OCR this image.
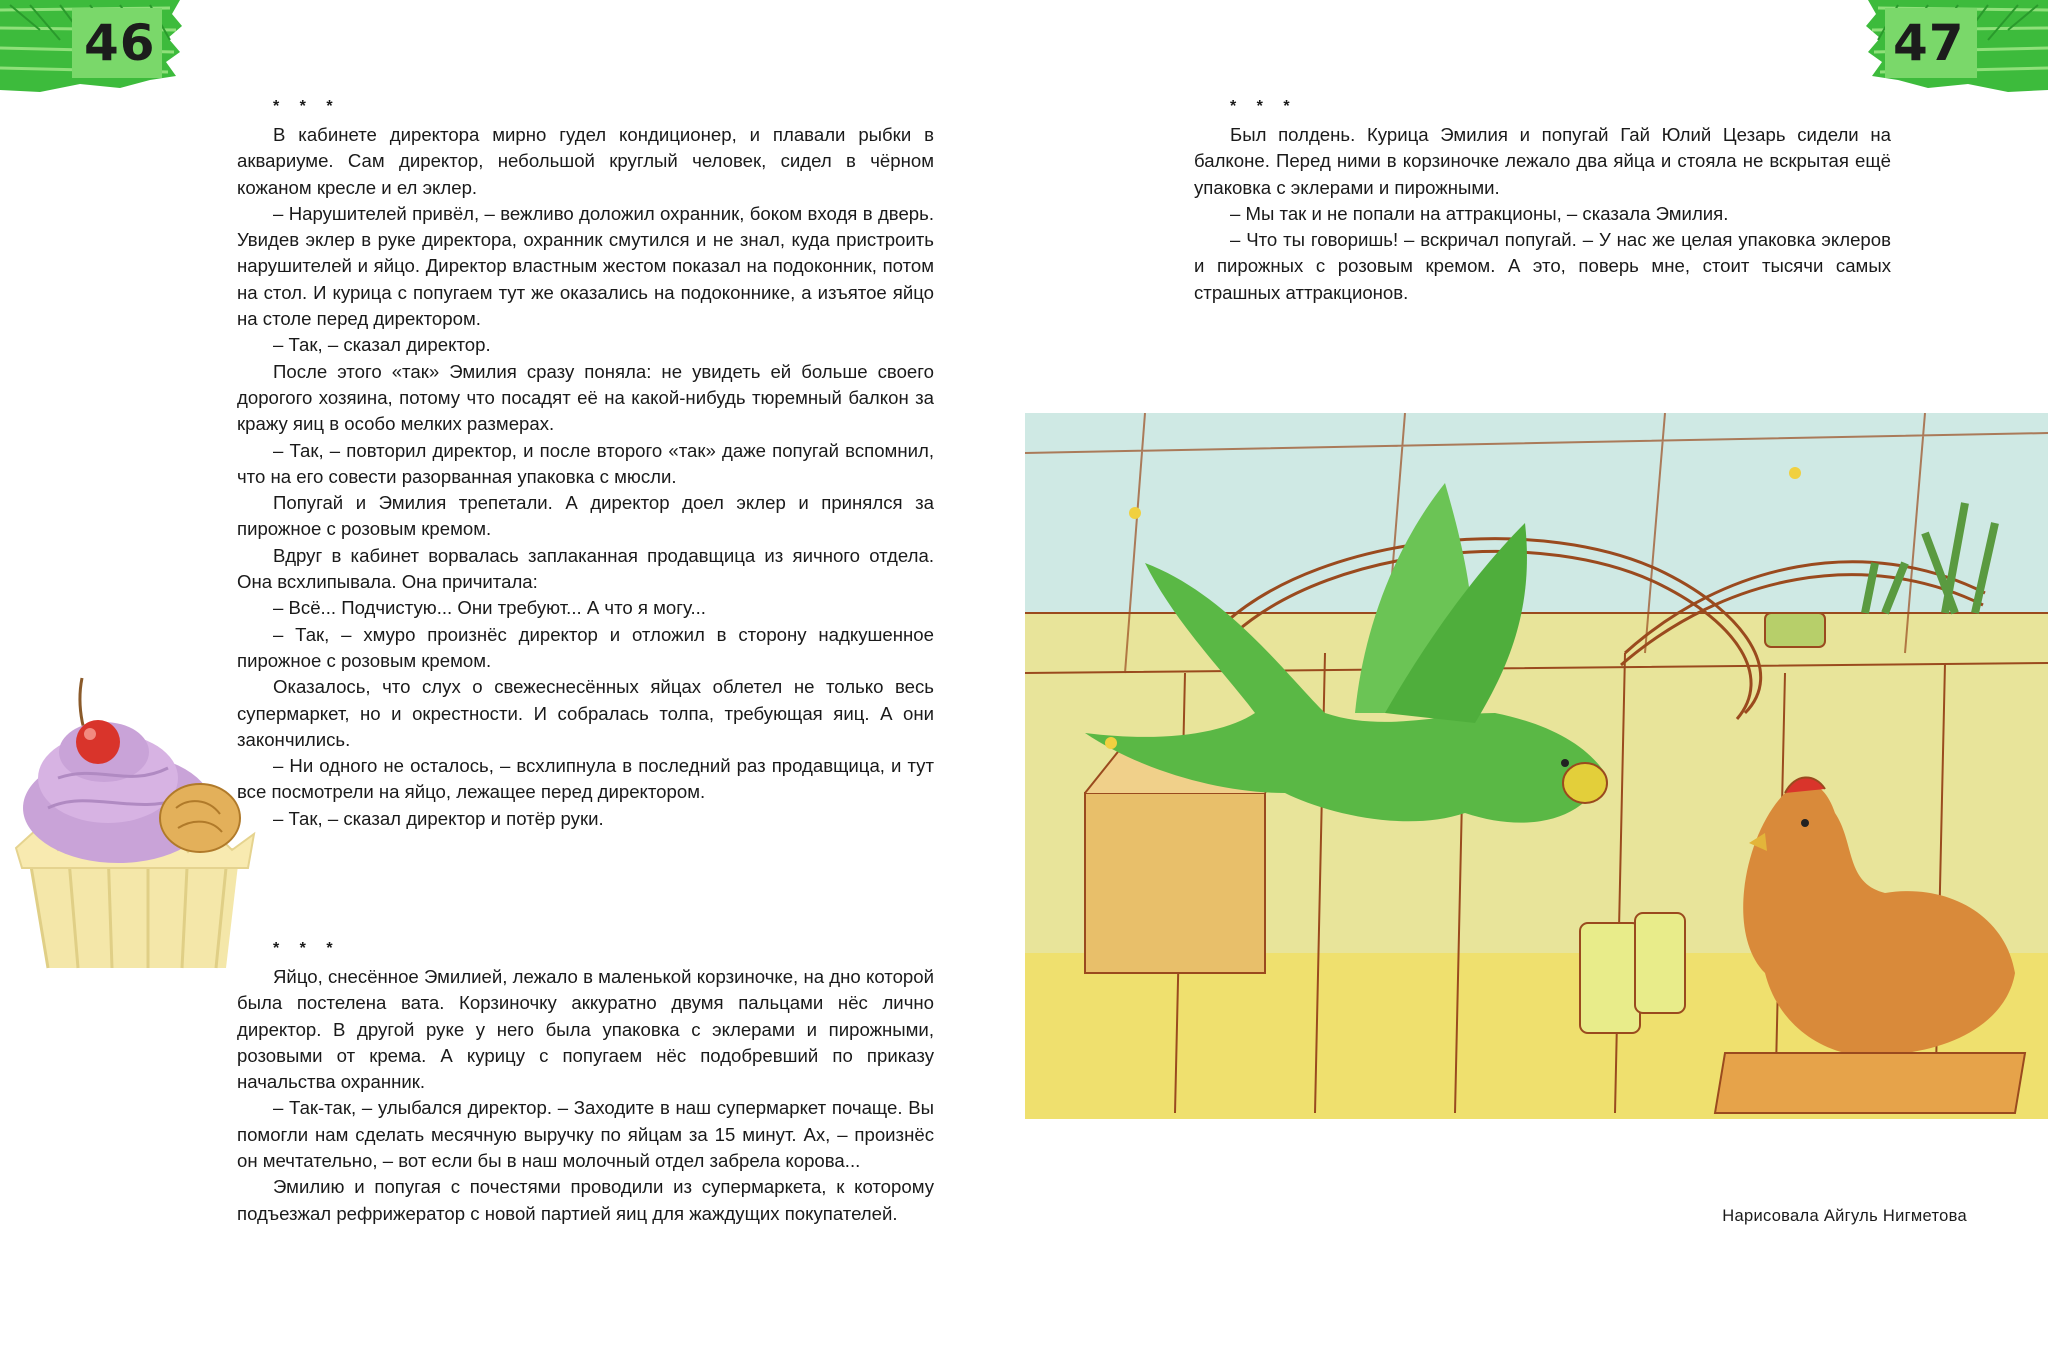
46	47
* * *

В кабинете директора мирно гудел кондиционер, и плавали рыбки в аквариуме. Сам директор, небольшой круглый человек, сидел в чёрном кожаном кресле и ел эклер.

– Нарушителей привёл, – вежливо доложил охранник, боком входя в дверь. Увидев эклер в руке директора, охранник смутился и не знал, куда пристроить нарушителей и яйцо. Директор властным жестом показал на подоконник, потом на стол. И курица с попугаем тут же оказались на подоконнике, а изъятое яйцо на столе перед директором.

– Так, – сказал директор.

После этого «так» Эмилия сразу поняла: не увидеть ей больше своего дорогого хозяина, потому что посадят её на какой-нибудь тюремный балкон за кражу яиц в особо мелких размерах.

– Так, – повторил директор, и после второго «так» даже попугай вспомнил, что на его совести разорванная упаковка с мюсли.

Попугай и Эмилия трепетали. А директор доел эклер и принялся за пирожное с розовым кремом.

Вдруг в кабинет ворвалась заплаканная продавщица из яичного отдела. Она всхлипывала. Она причитала:

– Всё... Подчистую... Они требуют... А что я могу...

– Так, – хмуро произнёс директор и отложил в сторону надкушенное пирожное с розовым кремом.

Оказалось, что слух о свежеснесённых яйцах облетел не только весь супермаркет, но и окрестности. И собралась толпа, требующая яиц. А они закончились.

– Ни одного не осталось, – всхлипнула в последний раз продавщица, и тут все посмотрели на яйцо, лежащее перед директором.

– Так, – сказал директор и потёр руки.

* * *

Яйцо, снесённое Эмилией, лежало в маленькой корзиночке, на дно которой была постелена вата. Корзиночку аккуратно двумя пальцами нёс лично директор. В другой руке у него была упаковка с эклерами и пирожными, розовыми от крема. А курицу с попугаем нёс подобревший по приказу начальства охранник.

– Так-так, – улыбался директор. – Заходите в наш супермаркет почаще. Вы помогли нам сделать месячную выручку по яйцам за 15 минут. Ах, – произнёс он мечтательно, – вот если бы в наш молочный отдел забрела корова...

Эмилию и попугая с почестями проводили из супермаркета, к которому подъезжал рефрижератор с новой партией яиц для жаждущих покупателей.

* * *

Был полдень. Курица Эмилия и попугай Гай Юлий Цезарь сидели на балконе. Перед ними в корзиночке лежало два яйца и стояла не вскрытая ещё упаковка с эклерами и пирожными.

– Мы так и не попали на аттракционы, – сказала Эмилия.

– Что ты говоришь! – вскричал попугай. – У нас же целая упаковка эклеров и пирожных с розовым кремом. А это, поверь мне, стоит тысячи самых страшных аттракционов.

Нарисовала Айгуль Нигметова
